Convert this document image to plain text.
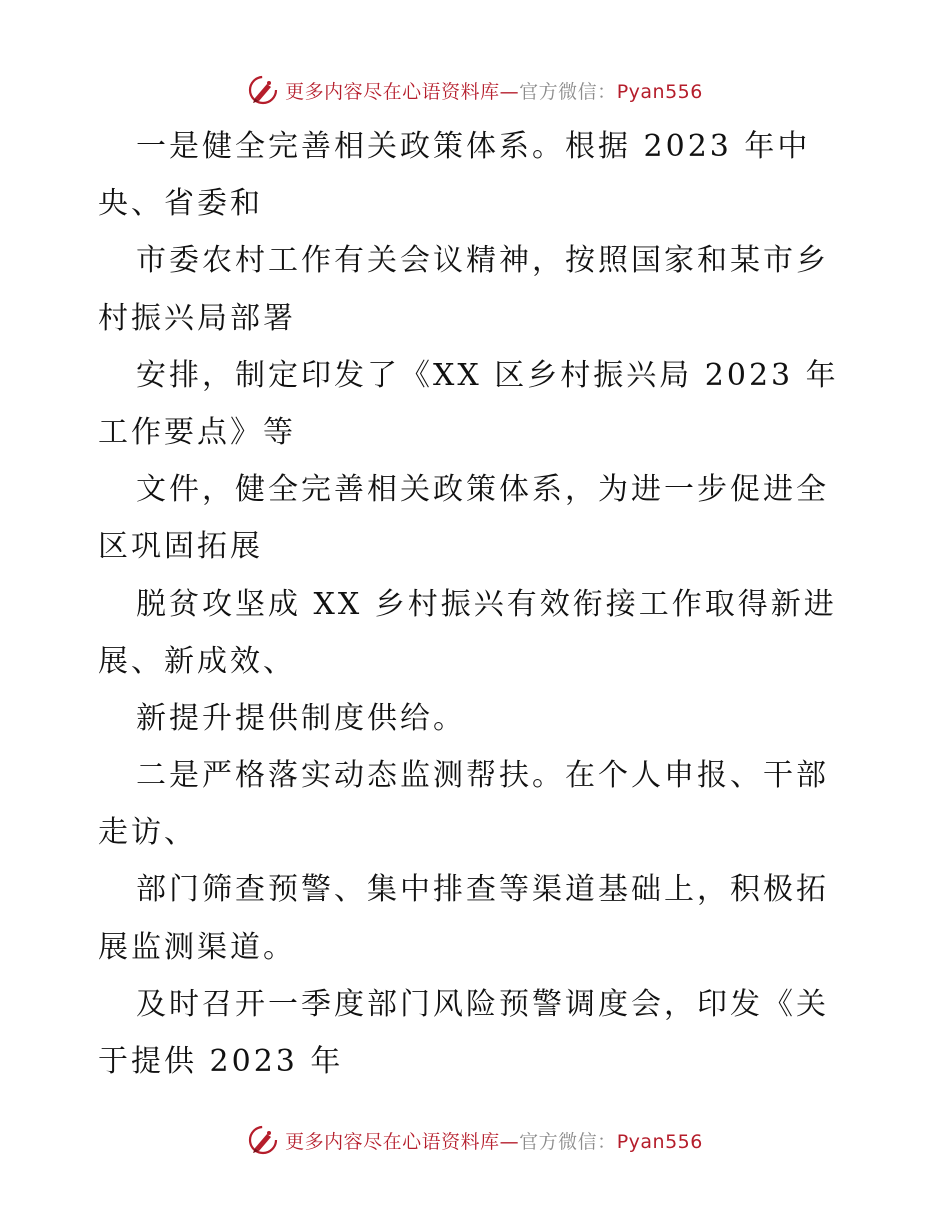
更多内容尽在心语资料库—官方微信：Pyan556
一是健全完善相关政策体系。根据 2023 年中
央、省委和
市委农村工作有关会议精神，按照国家和某市乡
村振兴局部署
安排，制定印发了《XX 区乡村振兴局 2023 年
工作要点》等
文件，健全完善相关政策体系，为进一步促进全
区巩固拓展
脱贫攻坚成 XX 乡村振兴有效衔接工作取得新进
展、新成效、
新提升提供制度供给。
二是严格落实动态监测帮扶。在个人申报、干部
走访、
部门筛查预警、集中排查等渠道基础上，积极拓
展监测渠道。
及时召开一季度部门风险预警调度会，印发《关
于提供 2023 年
更多内容尽在心语资料库—官方微信：Pyan556
